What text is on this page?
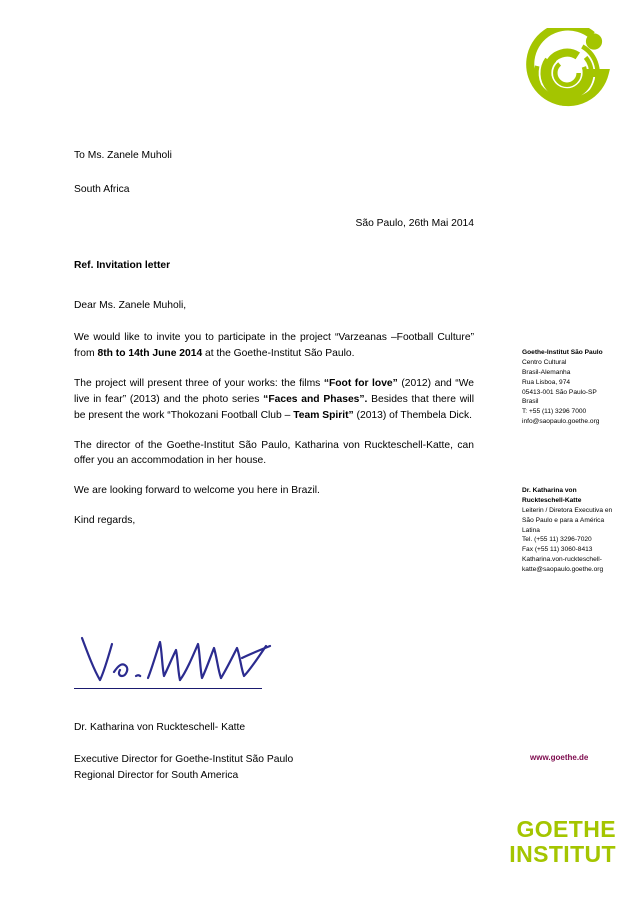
To Ms. Zanele Muholi
South Africa
São Paulo, 26th Mai 2014
Ref. Invitation letter
Dear Ms. Zanele Muholi,

We would like to invite you to participate in the project “Varzeanas –Football Culture” from 8th to 14th June 2014 at the Goethe-Institut São Paulo.

The project will present three of your works: the films “Foot for love” (2012) and “We live in fear” (2013) and the photo series “Faces and Phases”. Besides that there will be present the work “Thokozani Football Club – Team Spirit” (2013) of Thembela Dick.

The director of the Goethe-Institut São Paulo, Katharina von Ruckteschell-Katte, can offer you an accommodation in her house.

We are looking forward to welcome you here in Brazil.

Kind regards,

Goethe-Institut São Paulo
Centro Cultural
Brasil-Alemanha
Rua Lisboa, 974
05413-001 São Paulo-SP
Brasil
T: +55 (11) 3296 7000
info@saopaulo.goethe.org
Dr. Katharina von
Ruckteschell-Katte
Leiterin / Diretora Executiva en
São Paulo e para a América
Latina
Tel. (+55 11) 3296-7020
Fax (+55 11) 3060-8413
Katharina.von-ruckteschell-
katte@saopaulo.goethe.org

Dr. Katharina von Ruckteschell- Katte

Executive Director for Goethe-Institut São Paulo

Regional Director for South America

www.goethe.de
GOETHE
INSTITUT
